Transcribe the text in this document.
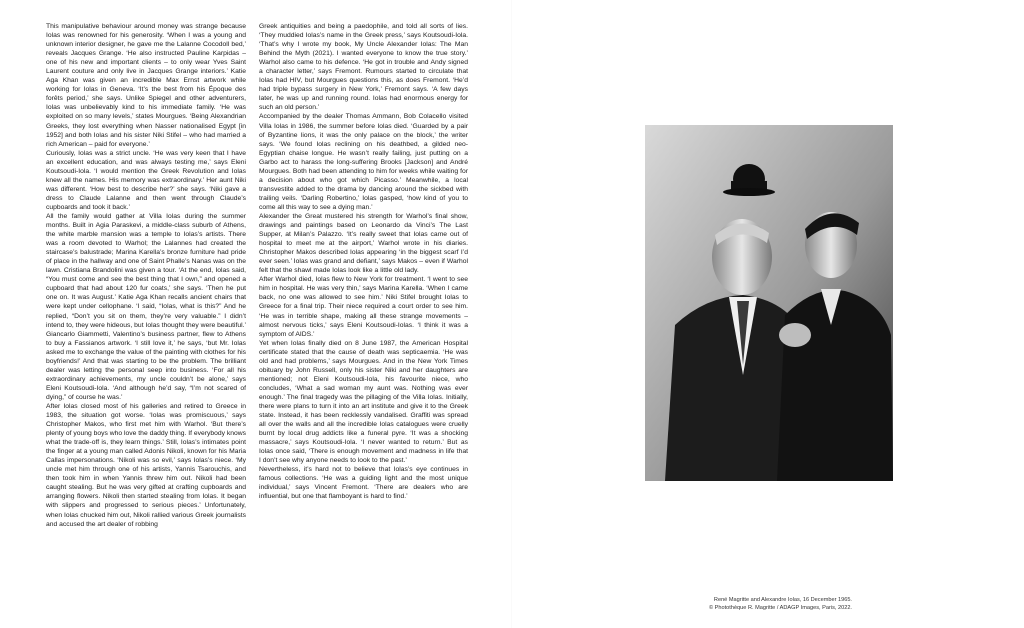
This manipulative behaviour around money was strange because Iolas was renowned for his generosity. ‘When I was a young and unknown interior designer, he gave me the Lalanne Cocodoll bed,’ reveals Jacques Grange. ‘He also instructed Pauline Karpidas – one of his new and important clients – to only wear Yves Saint Laurent couture and only live in Jacques Grange interiors.’ Katie Aga Khan was given an incredible Max Ernst artwork while working for Iolas in Geneva. ‘It’s the best from his Époque des forêts period,’ she says. Unlike Spiegel and other adventurers, Iolas was unbelievably kind to his immediate family. ‘He was exploited on so many levels,’ states Mourgues. ‘Being Alexandrian Greeks, they lost everything when Nasser nationalised Egypt [in 1952] and both Iolas and his sister Niki Stifel – who had married a rich American – paid for everyone.’

Curiously, Iolas was a strict uncle. ‘He was very keen that I have an excellent education, and was always testing me,’ says Eleni Koutsoudi-Iola. ‘I would mention the Greek Revolution and Iolas knew all the names. His memory was extraordinary.’ Her aunt Niki was different. ‘How best to describe her?’ she says. ‘Niki gave a dress to Claude Lalanne and then went through Claude’s cupboards and took it back.’

All the family would gather at Villa Iolas during the summer months. Built in Agia Paraskevi, a middle-class suburb of Athens, the white marble mansion was a temple to Iolas’s artists. There was a room devoted to Warhol; the Lalannes had created the staircase’s balustrade; Marina Karella’s bronze furniture had pride of place in the hallway and one of Saint Phalle’s Nanas was on the lawn. Cristiana Brandolini was given a tour. ‘At the end, Iolas said, “You must come and see the best thing that I own,” and opened a cupboard that had about 120 fur coats,’ she says. ‘Then he put one on. It was August.’ Katie Aga Khan recalls ancient chairs that were kept under cellophane. ‘I said, “Iolas, what is this?” And he replied, “Don’t you sit on them, they’re very valuable.” I didn’t intend to, they were hideous, but Iolas thought they were beautiful.’

Giancarlo Giammetti, Valentino’s business partner, flew to Athens to buy a Fassianos artwork. ‘I still love it,’ he says, ‘but Mr. Iolas asked me to exchange the value of the painting with clothes for his boyfriends!’ And that was starting to be the problem. The brilliant dealer was letting the personal seep into business. ‘For all his extraordinary achievements, my uncle couldn’t be alone,’ says Eleni Koutsoudi-Iola. ‘And although he’d say, “I’m not scared of dying,” of course he was.’

After Iolas closed most of his galleries and retired to Greece in 1983, the situation got worse. ‘Iolas was promiscuous,’ says Christopher Makos, who first met him with Warhol. ‘But there’s plenty of young boys who love the daddy thing. If everybody knows what the trade-off is, they learn things.’ Still, Iolas’s intimates point the finger at a young man called Adonis Nikoli, known for his Maria Callas impersonations. ‘Nikoli was so evil,’ says Iolas’s niece. ‘My uncle met him through one of his artists, Yannis Tsarouchis, and then took him in when Yannis threw him out. Nikoli had been caught stealing. But he was very gifted at crafting cupboards and arranging flowers. Nikoli then started stealing from Iolas. It began with slippers and progressed to serious pieces.’ Unfortunately, when Iolas chucked him out, Nikoli rallied various Greek journalists and accused the art dealer of robbing

Greek antiquities and being a paedophile, and told all sorts of lies. ‘They muddied Iolas’s name in the Greek press,’ says Koutsoudi-Iola. ‘That’s why I wrote my book, My Uncle Alexander Iolas: The Man Behind the Myth (2021). I wanted everyone to know the true story.’ Warhol also came to his defence. ‘He got in trouble and Andy signed a character letter,’ says Fremont. Rumours started to circulate that Iolas had HIV, but Mourgues questions this, as does Fremont. ‘He’d had triple bypass surgery in New York,’ Fremont says. ‘A few days later, he was up and running round. Iolas had enormous energy for such an old person.’

Accompanied by the dealer Thomas Ammann, Bob Colacello visited Villa Iolas in 1986, the summer before Iolas died. ‘Guarded by a pair of Byzantine lions, it was the only palace on the block,’ the writer says. ‘We found Iolas reclining on his deathbed, a gilded neo-Egyptian chaise longue. He wasn’t really failing, just putting on a Garbo act to harass the long-suffering Brooks [Jackson] and André Mourgues. Both had been attending to him for weeks while waiting for a decision about who got which Picasso.’ Meanwhile, a local transvestite added to the drama by dancing around the sickbed with trailing veils. ‘Darling Robertino,’ Iolas gasped, ‘how kind of you to come all this way to see a dying man.’

Alexander the Great mustered his strength for Warhol’s final show, drawings and paintings based on Leonardo da Vinci’s The Last Supper, at Milan’s Palazzo. ‘It’s really sweet that Iolas came out of hospital to meet me at the airport,’ Warhol wrote in his diaries. Christopher Makos described Iolas appearing ‘in the biggest scarf I’d ever seen.’ Iolas was grand and defiant,’ says Makos – even if Warhol felt that the shawl made Iolas look like a little old lady.

After Warhol died, Iolas flew to New York for treatment. ‘I went to see him in hospital. He was very thin,’ says Marina Karella. ‘When I came back, no one was allowed to see him.’ Niki Stifel brought Iolas to Greece for a final trip. Their niece required a court order to see him. ‘He was in terrible shape, making all these strange movements – almost nervous ticks,’ says Eleni Koutsoudi-Iolas. ‘I think it was a symptom of AIDS.’

Yet when Iolas finally died on 8 June 1987, the American Hospital certificate stated that the cause of death was septicaemia. ‘He was old and had problems,’ says Mourgues. And in the New York Times obituary by John Russell, only his sister Niki and her daughters are mentioned; not Eleni Koutsoudi-Iola, his favourite niece, who concludes, ‘What a sad woman my aunt was. Nothing was ever enough.’ The final tragedy was the pillaging of the Villa Iolas. Initially, there were plans to turn it into an art institute and give it to the Greek state. Instead, it has been recklessly vandalised. Graffiti was spread all over the walls and all the incredible Iolas catalogues were cruelly burnt by local drug addicts like a funeral pyre. ‘It was a shocking massacre,’ says Koutsoudi-Iola. ‘I never wanted to return.’ But as Iolas once said, ‘There is enough movement and madness in life that I don’t see why anyone needs to look to the past.’

Nevertheless, it’s hard not to believe that Iolas’s eye continues in famous collections. ‘He was a guiding light and the most unique individual,’ says Vincent Fremont. ‘There are dealers who are influential, but one that flamboyant is hard to find.’

René Magritte and Alexandre Iolas, 16 December 1965.
© Photothèque R. Magritte / ADAGP Images, Paris, 2022.
